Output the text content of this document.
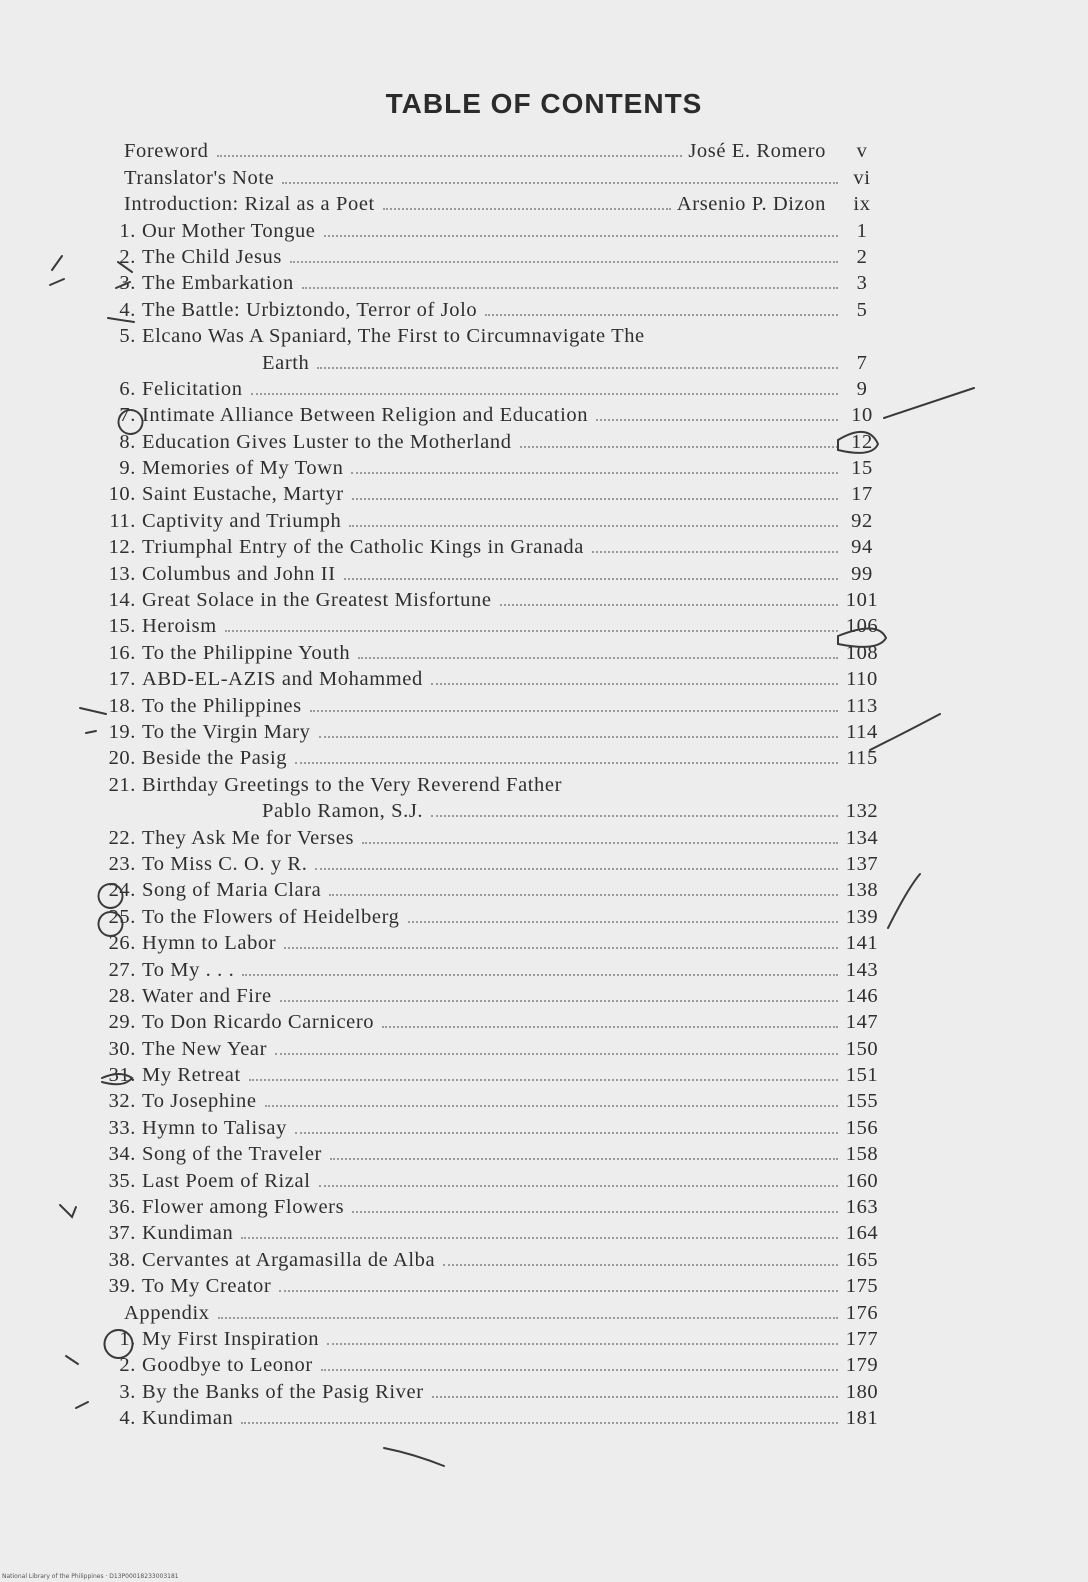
TABLE OF CONTENTS
Foreword	José E. Romero	v
Translator's Note	vi
Introduction: Rizal as a Poet	Arsenio P. Dizon	ix
1. Our Mother Tongue	1
2. The Child Jesus	2
3. The Embarkation	3
4. The Battle: Urbiztondo, Terror of Jolo	5
5. Elcano Was A Spaniard, The First to Circumnavigate The
Earth	7
6. Felicitation	9
7. Intimate Alliance Between Religion and Education	10
8. Education Gives Luster to the Motherland	12
9. Memories of My Town	15
10. Saint Eustache, Martyr	17
11. Captivity and Triumph	92
12. Triumphal Entry of the Catholic Kings in Granada	94
13. Columbus and John II	99
14. Great Solace in the Greatest Misfortune	101
15. Heroism	106
16. To the Philippine Youth	108
17. ABD-EL-AZIS and Mohammed	110
18. To the Philippines	113
19. To the Virgin Mary	114
20. Beside the Pasig	115
21. Birthday Greetings to the Very Reverend Father
Pablo Ramon, S.J.	132
22. They Ask Me for Verses	134
23. To Miss C. O. y R.	137
24. Song of Maria Clara	138
25. To the Flowers of Heidelberg	139
26. Hymn to Labor	141
27. To My . . .	143
28. Water and Fire	146
29. To Don Ricardo Carnicero	147
30. The New Year	150
31. My Retreat	151
32. To Josephine	155
33. Hymn to Talisay	156
34. Song of the Traveler	158
35. Last Poem of Rizal	160
36. Flower among Flowers	163
37. Kundiman	164
38. Cervantes at Argamasilla de Alba	165
39. To My Creator	175
Appendix	176
1. My First Inspiration	177
2. Goodbye to Leonor	179
3. By the Banks of the Pasig River	180
4. Kundiman	181
National Library of the Philippines · D13P00018233003181
